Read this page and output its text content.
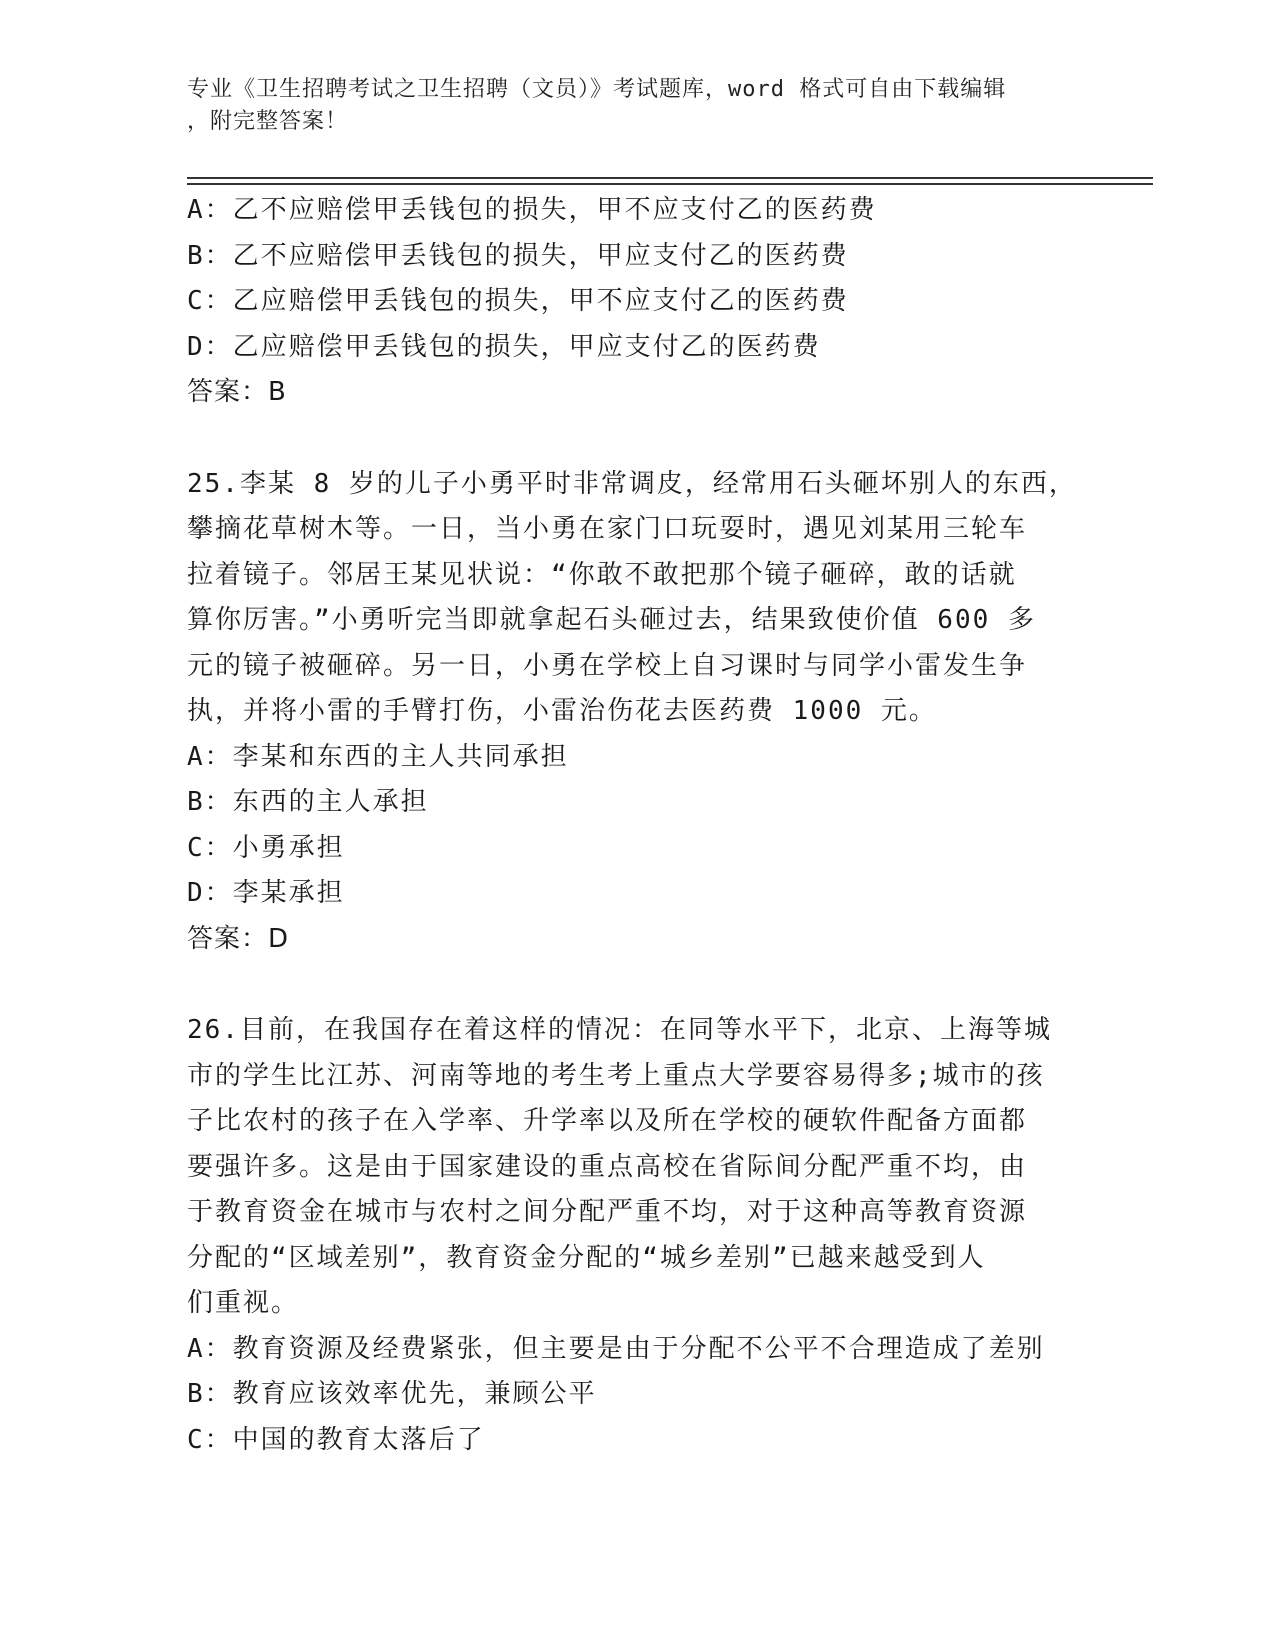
专业《卫生招聘考试之卫生招聘（文员）》考试题库，word 格式可自由下载编辑

，附完整答案！

A：乙不应赔偿甲丢钱包的损失，甲不应支付乙的医药费

B：乙不应赔偿甲丢钱包的损失，甲应支付乙的医药费

C：乙应赔偿甲丢钱包的损失，甲不应支付乙的医药费

D：乙应赔偿甲丢钱包的损失，甲应支付乙的医药费

答案：B

25.李某 8 岁的儿子小勇平时非常调皮，经常用石头砸坏别人的东西，

攀摘花草树木等。一日，当小勇在家门口玩耍时，遇见刘某用三轮车

拉着镜子。邻居王某见状说：“你敢不敢把那个镜子砸碎，敢的话就

算你厉害。”小勇听完当即就拿起石头砸过去，结果致使价值 600 多

元的镜子被砸碎。另一日，小勇在学校上自习课时与同学小雷发生争

执，并将小雷的手臂打伤，小雷治伤花去医药费 1000 元。

A：李某和东西的主人共同承担

B：东西的主人承担

C：小勇承担

D：李某承担

答案：D

26.目前，在我国存在着这样的情况：在同等水平下，北京、上海等城

市的学生比江苏、河南等地的考生考上重点大学要容易得多;城市的孩

子比农村的孩子在入学率、升学率以及所在学校的硬软件配备方面都

要强许多。这是由于国家建设的重点高校在省际间分配严重不均，由

于教育资金在城市与农村之间分配严重不均，对于这种高等教育资源

分配的“区域差别”，教育资金分配的“城乡差别”已越来越受到人

们重视。

A：教育资源及经费紧张，但主要是由于分配不公平不合理造成了差别

B：教育应该效率优先，兼顾公平

C：中国的教育太落后了
